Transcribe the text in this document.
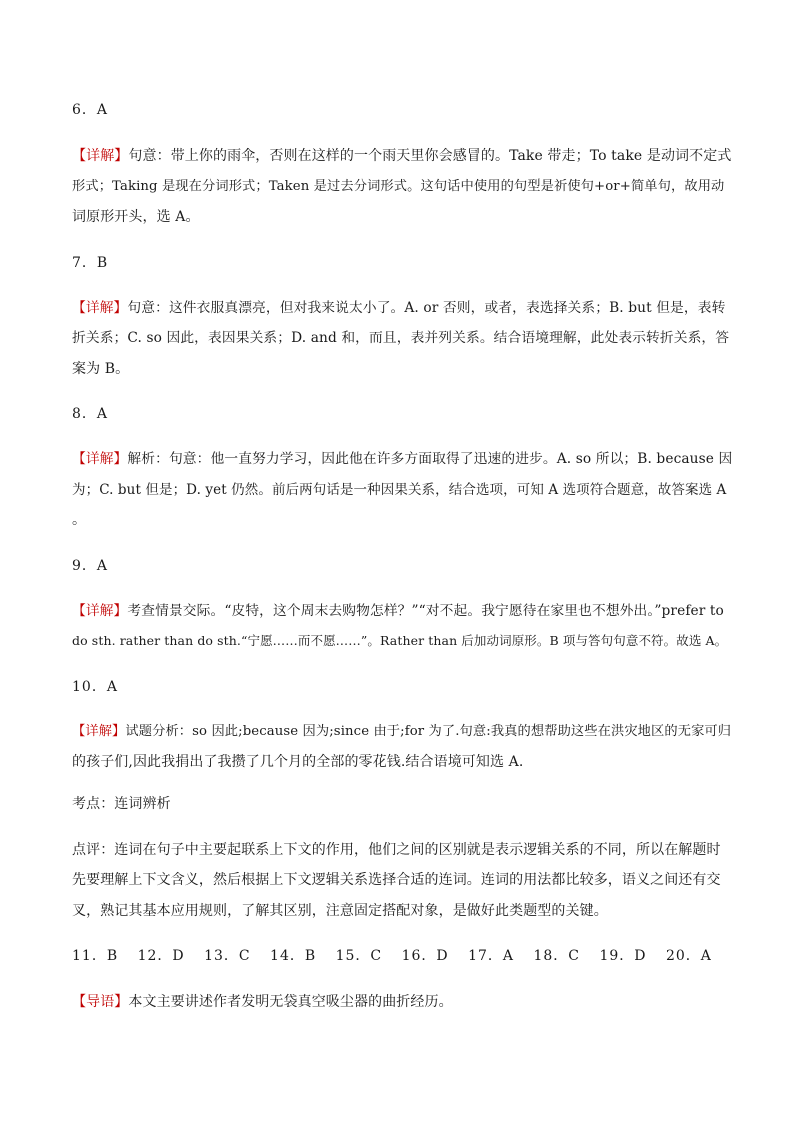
6．A
【详解】句意：带上你的雨伞，否则在这样的一个雨天里你会感冒的。Take 带走；To take 是动词不定式
形式；Taking 是现在分词形式；Taken 是过去分词形式。这句话中使用的句型是祈使句+or+简单句，故用动
词原形开头，选 A。
7．B
【详解】句意：这件衣服真漂亮，但对我来说太小了。A. or 否则，或者，表选择关系；B. but 但是，表转
折关系；C. so 因此，表因果关系；D. and 和，而且，表并列关系。结合语境理解，此处表示转折关系，答
案为 B。
8．A
【详解】解析：句意：他一直努力学习，因此他在许多方面取得了迅速的进步。A. so 所以；B. because 因
为；C. but 但是；D. yet 仍然。前后两句话是一种因果关系，结合选项，可知 A 选项符合题意，故答案选 A
。
9．A
【详解】考查情景交际。“皮特，这个周末去购物怎样？”“对不起。我宁愿待在家里也不想外出。”prefer to
do sth. rather than do sth.“宁愿……而不愿……”。Rather than 后加动词原形。B 项与答句句意不符。故选 A。
10．A
【详解】试题分析：so 因此;because 因为;since 由于;for 为了.句意:我真的想帮助这些在洪灾地区的无家可归
的孩子们,因此我捐出了我攒了几个月的全部的零花钱.结合语境可知选 A.
考点：连词辨析
点评：连词在句子中主要起联系上下文的作用，他们之间的区别就是表示逻辑关系的不同，所以在解题时
先要理解上下文含义，然后根据上下文逻辑关系选择合适的连词。连词的用法都比较多，语义之间还有交
叉，熟记其基本应用规则，了解其区别，注意固定搭配对象，是做好此类题型的关键。
11．B 12．D 13．C 14．B 15．C 16．D 17．A 18．C 19．D 20．A
【导语】本文主要讲述作者发明无袋真空吸尘器的曲折经历。
